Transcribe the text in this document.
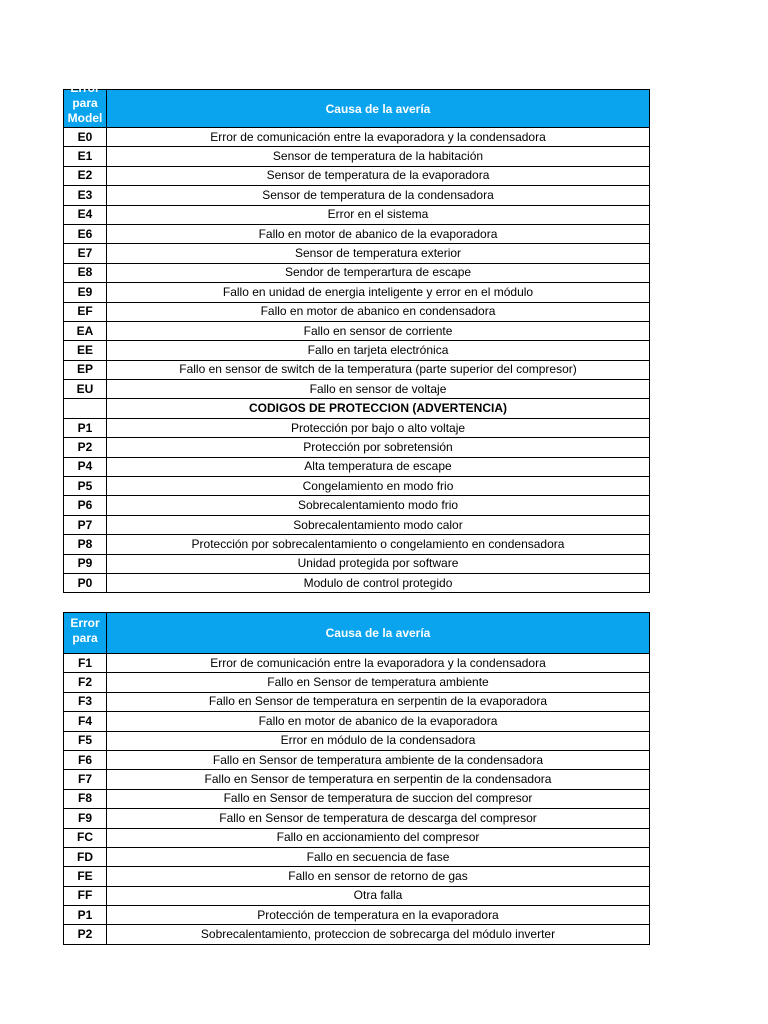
Error para Model	Causa de la avería
E0	Error de comunicación entre la evaporadora y la condensadora
E1	Sensor de temperatura de la habitación
E2	Sensor de temperatura de la evaporadora
E3	Sensor de temperatura de la condensadora
E4	Error en el sistema
E6	Fallo en motor de abanico de la evaporadora
E7	Sensor de temperatura exterior
E8	Sendor de temperartura de escape
E9	Fallo en unidad de energia inteligente y error en el módulo
EF	Fallo en motor de abanico en condensadora
EA	Fallo en sensor de corriente
EE	Fallo en tarjeta electrónica
EP	Fallo en sensor de switch de la temperatura (parte superior del compresor)
EU	Fallo en sensor de voltaje
	CODIGOS DE PROTECCION (ADVERTENCIA)
P1	Protección por bajo o alto voltaje
P2	Protección por sobretensión
P4	Alta temperatura de escape
P5	Congelamiento en modo frio
P6	Sobrecalentamiento modo frio
P7	Sobrecalentamiento modo calor
P8	Protección por sobrecalentamiento o congelamiento en condensadora
P9	Unidad protegida por software
P0	Modulo de control protegido
Error para	Causa de la avería
F1	Error de comunicación entre la evaporadora y la condensadora
F2	Fallo en Sensor de temperatura ambiente
F3	Fallo en Sensor de temperatura en serpentin de la evaporadora
F4	Fallo en motor de abanico de la evaporadora
F5	Error en módulo de la condensadora
F6	Fallo en Sensor de temperatura ambiente de la condensadora
F7	Fallo en Sensor de temperatura en serpentin de la condensadora
F8	Fallo en Sensor de temperatura de succion del compresor
F9	Fallo en Sensor de temperatura de descarga del compresor
FC	Fallo en accionamiento del compresor
FD	Fallo en secuencia de fase
FE	Fallo en sensor de retorno de gas
FF	Otra falla
P1	Protección de temperatura en la evaporadora
P2	Sobrecalentamiento, proteccion de sobrecarga del módulo inverter
